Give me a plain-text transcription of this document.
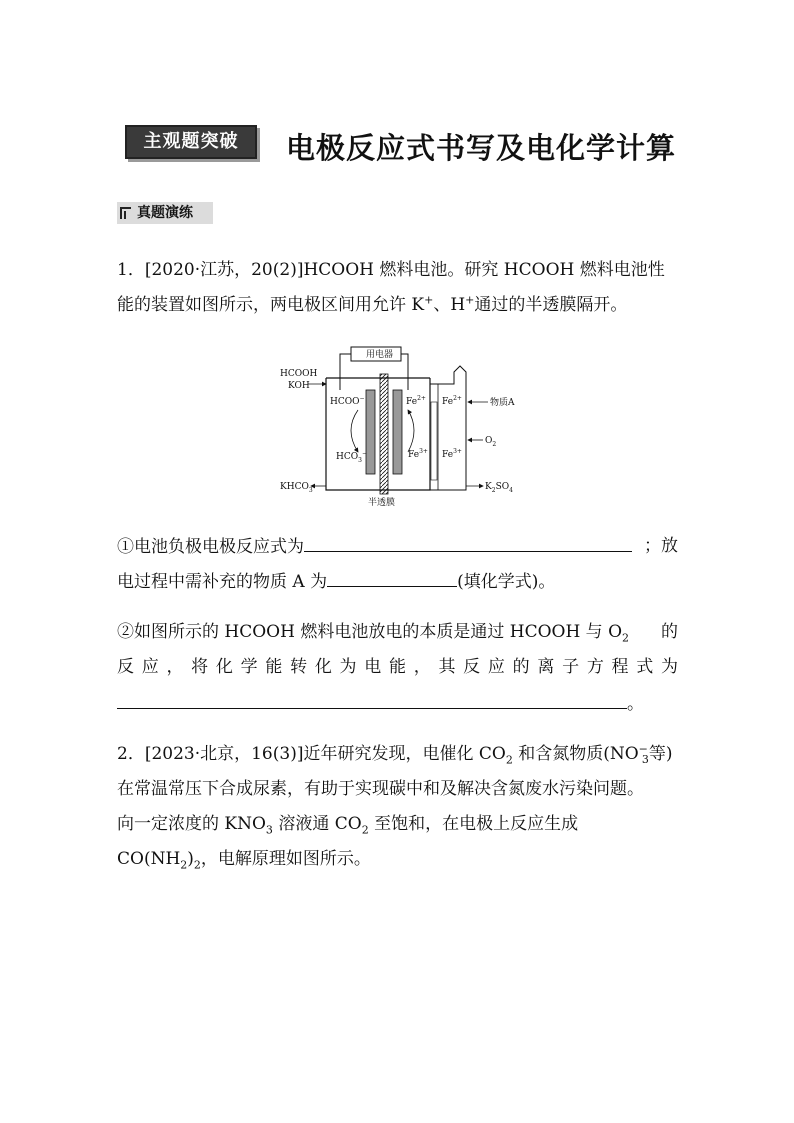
主观题突破	电极反应式书写及电化学计算
真题演练
1．[2020·江苏，20(2)]HCOOH 燃料电池。研究 HCOOH 燃料电池性
能的装置如图所示，两电极区间用允许 K+、H+通过的半透膜隔开。
用电器
HCOOH
KOH
HCOO−
$HCO_3^-$
$Fe^{2+}$
$Fe^{3+}$
$Fe^{2+}$
$Fe^{3+}$
物质A
$O_2$
$KHCO_3$	$K_2SO_4$
半透膜
①电池负极电极反应式为	；放
电过程中需补充的物质 A 为	(填化学式)。
②如图所示的 HCOOH 燃料电池放电的本质是通过 HCOOH 与 $O_2$ 的
反应，将化学能转化为电能，其反应的离子方程式为
。
2．[2023·北京，16(3)]近年研究发现，电催化 $CO_2$ 和含氮物质($NO^-_3$等)
在常温常压下合成尿素，有助于实现碳中和及解决含氮废水污染问题。
向一定浓度的 $KNO_3$ 溶液通 $CO_2$ 至饱和，在电极上反应生成
$CO(NH_2)_2$，电解原理如图所示。
